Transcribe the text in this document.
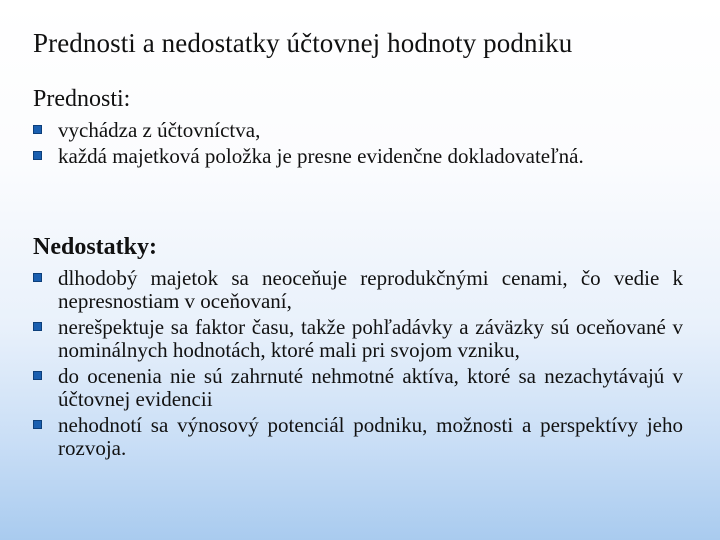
Prednosti a nedostatky účtovnej hodnoty podniku
Prednosti:
vychádza z účtovníctva,
každá majetková položka je presne evidenčne dokladovateľná.
Nedostatky:
dlhodobý majetok sa neoceňuje reprodukčnými cenami, čo vedie k nepresnostiam v oceňovaní,
nerešpektuje sa faktor času, takže pohľadávky a záväzky sú oceňované v nominálnych hodnotách, ktoré mali pri svojom vzniku,
do ocenenia nie sú zahrnuté nehmotné aktíva, ktoré sa nezachytávajú v účtovnej evidencii
nehodnotí sa výnosový potenciál podniku, možnosti a perspektívy jeho rozvoja.
